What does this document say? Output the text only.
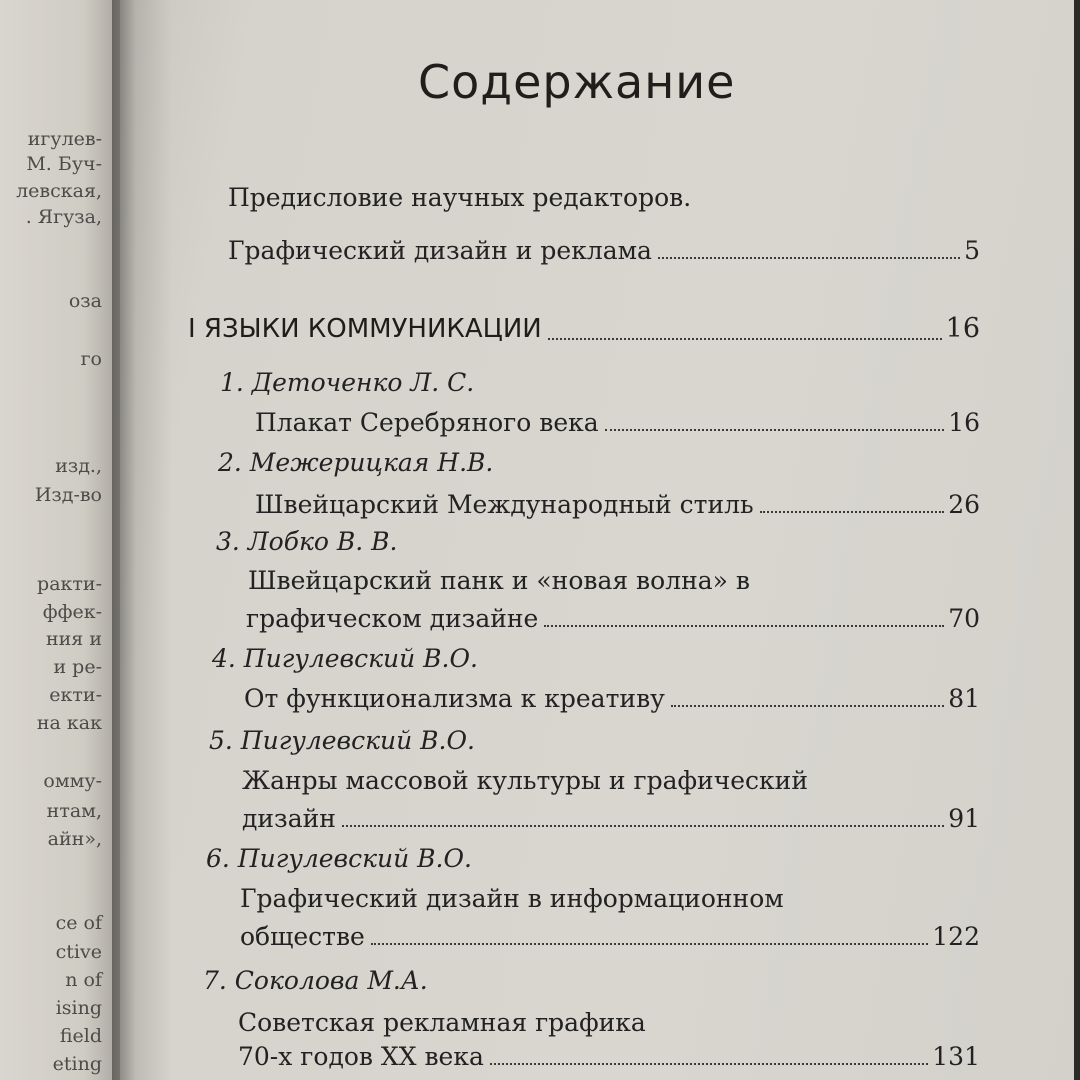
игулев-
М. Буч-
левская,
. Ягуза,
оза
го
изд.,
Изд-во
ракти-
ффек-
ния и
и ре-
екти-
на как
омму-
нтам,
айн»,
ce of
ctive
n of
ising
field
eting
Содержание
Предисловие научных редакторов.
Графический дизайн и реклама	5
I ЯЗЫКИ КОММУНИКАЦИИ	16
1. Деточенко Л. С.
Плакат Серебряного века	16
2. Межерицкая Н.В.
Швейцарский Международный стиль	26
3. Лобко В. В.
Швейцарский панк и «новая волна» в
графическом дизайне	70
4. Пигулевский В.О.
От функционализма к креативу	81
5. Пигулевский В.О.
Жанры массовой культуры и графический
дизайн	91
6. Пигулевский В.О.
Графический дизайн в информационном
обществе	122
7. Соколова М.А.
Советская рекламная графика
70-х годов XX века	131
